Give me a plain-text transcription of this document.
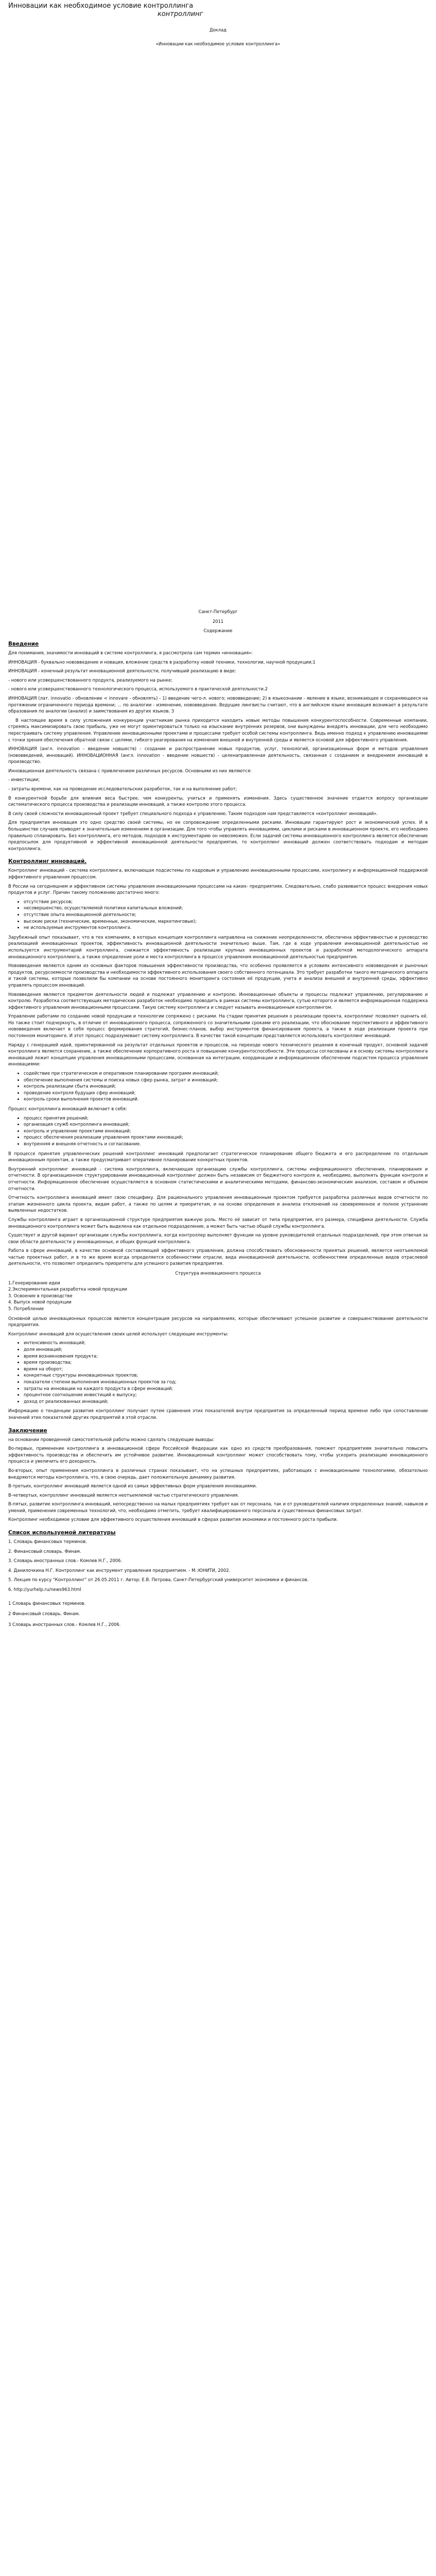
Инновации как необходимое условие контроллинга
контроллинг
Доклад
«Инновации как необходимое условие контроллинга»
Санкт-Петербург
2011
Содержание
Введение

Для понимания, значимости инноваций в системе контроллинга, я рассмотрела сам термин «инновация»:

ИННОВАЦИЯ - буквально нововведение и новация, вложение средств в разработку новой техники, технологии, научной продукции;1

ИННОВАЦИЯ - конечный результат инновационной деятельности, получивший реализацию в виде:

- нового или усовершенствованного продукта, реализуемого на рынке;

- нового или усовершенствованного технологического процесса, используемого в практической деятельности.2

ИННОВАЦИЯ (лат. innovatio - обновление < innovare - обновлять) - 1) введение чего-л. нового; нововведение; 2) в языкознании - явление в языке, возникающее и сохраняющееся на протяжении ограниченного периода времени; ... по аналогии - изменение, нововведение. Ведущие лингвисты считают, что в английском языке инновация возникает в результате образования по аналогии (анализ) и заимствования из других языков. 3

В настоящее время в силу усложнения конкуренции участникам рынка приходится находить новые методы повышения конкурентоспособности. Современные компании, стремясь максимизировать свою прибыль, уже не могут ориентироваться только на изыскание внутренних резервов, они вынуждены внедрять инновации, для чего необходимо перестраивать систему управления. Управление инновационными проектами и процессами требует особой системы контроллинга. Ведь именно подход к управлению инновациями с точки зрения обеспечения обратной связи с целями, гибкого реагирования на изменения внешней и внутренней среды и является основой для эффективного управления.

ИННОВАЦИЯ (англ. innovation - введение новшеств) - создание и распространение новых продуктов, услуг, технологий, организационных форм и методов управления (нововведений, инноваций). ИННОВАЦИОННАЯ (англ. innovation - введение новшеств) - целенаправленная деятельность, связанная с созданием и внедрением инноваций в производство.

Инновационная деятельность связана с привлечением различных ресурсов. Основными из них являются:

- инвестиции;

- затраты времени, как на проведение исследовательских разработок, так и на выполнение работ;

В конкурентной борьбе для влияния веса быстрее, чем конкуренты, учиться и применять изменения. Здесь существенное значение отдается вопросу организации систематического процесса производства и реализации инноваций, а также контролю этого процесса.

В силу своей сложности инновационный проект требует специального подхода к управлению. Таким подходом нам представляется «контроллинг инноваций».

Для предприятия инновация это одно средство своей системы, но ее сопровождение определенными рисками. Инновации гарантируют рост и экономический успех. И в большинстве случаев приводят к значительным изменениям в организации. Для того чтобы управлять инновациями, циклами и рисками в инновационном проекте, его необходимо правильно спланировать. Без контроллинга, его методов, подходов к инструментарию он невозможен. Если задачей системы инновационного контроллинга является обеспечение предпосылок для продуктивной и эффективной инновационной деятельности предприятия, то контроллинг инноваций должен соответствовать подходам и методам контроллинга.

Контроллинг инноваций.

Контроллинг инноваций - система контроллинга, включающая подсистемы по кадровым и управлению инновационными процессами, контролингу и информационной поддержкой эффективного управления процессом.

В России на сегодняшнем и эффективном системы управления инновационными процессами на каких- предприятиях. Следовательно, слабо развивается процесс внедрения новых продуктов и услуг. Причин такому положению достаточно много:

• отсутствие ресурсов;
• несовершенство, осуществляемой политики капитальных вложений;
• отсутствие опыта инновационной деятельности;
• высокие риски (технические, временные, экономические, маркетинговые);
• не используемые инструментов контроллинга.

Зарубежный опыт показывает, что в тех компаниях, в которых концепция контроллинга направлена на снижение неопределенности, обеспечена эффективностью и руководство реализацией инновационных проектов, эффективность инновационной деятельности значительно выше. Там, где в ходе управления инновационной деятельностью не используется инструментарий контроллинга, снижается эффективность реализации крупных инновационных проектов и разработкой методологического аппарата инновационного контроллинга, а также определение роли и места контроллинга в процессе управления инновационной деятельностью предприятия.

Нововведения являются одним из основных факторов повышения эффективности производства, что особенно проявляется в условиях интенсивного нововведения и рыночных продуктов, ресурсоемкости производства и необходимости эффективного использования своего собственного потенциала. Это требует разработки такого методического аппарата и такой системы, которые позволили бы компании на основе постоянного мониторинга состояния её продукции, учета и анализа внешней и внутренней среды, эффективно управлять процессом инноваций.

Нововведения являются предметом деятельности людей и подлежат управлению и контролю. Инновационные объекты и процессы подлежат управлению, регулированию и контролю. Разработка соответствующих методических разработок необходимо проводить в рамках системы контроллинга, сутью которого и является информационная поддержка эффективного управления инновационными процессами. Такую систему контроллинга и следует называть инновационным контроллингом.

Управление работами по созданию новой продукции и технологии сопряжено с рисками. На стадии принятия решения о реализации проекта, контроллинг позволяет оценить её. Но также стоит подчеркнуть, в отличие от инновационного процесса, сопряженного со значительными сроками его реализации, что обоснование перспективного и эффективного нововведения включает в себя процесс формирования стратегий, бизнес-планов, выбор инструментов финансирования проекта, а также в ходе реализации проекта при постоянном мониторинге. И этот процесс подразумевает систему контроллинга. В качестве такой концепции представляется использовать контроллинг инноваций.

Наряду с генерацией идей, ориентированной на результат отдельных проектов и процессов, на переходе нового технического решения в конечный продукт, основной задачей контроллинга является сохранение, а также обеспечение корпоративного роста и повышение конкурентоспособности. Эти процессы согласованы и в основу системы контроллинга инноваций лежит концепции управления инновационными процессами, основанная на интеграции, координации и информационном обеспечении подсистем процесса управления инновациями:

• содействие при стратегическом и оперативном планировании программ инноваций;
• обеспечение выполнения системы и поиска новых сфер рынка, затрат и инноваций;
• контроль реализации сбыта инноваций;
• проведение контроля будущих сфер инноваций;
• контроль сроки выполнения проектов инноваций.

Процесс контроллинга инноваций включает в себя:

• процесс принятия решений;
• организация служб контроллинга инноваций;
• контроль и управление проектами инноваций;
• процесс обеспечения реализации управления проектами инноваций;
• внутренняя и внешняя отчетность и согласование.

В процессе принятия управленческих решений контроллинг инноваций предполагает стратегическое планирование общего бюджета и его распределение по отдельным инновационным проектам, а также предусматривает оперативное планирование конкретных проектов.

Внутренний контроллинг инноваций - система контроллинга, включающая организацию службы контроллинга, системы информационного обеспечения, планирования и отчетности. В организационном структурировании инновационный контроллинг должен быть независим от бюджетного контроля и, необходимо, выполнять функции контроля и отчетности. Информационное обеспечение осуществляется в основном статистическими и аналитическими методами, финансово-экономическим анализом, составом и объемом отчетности.

Отчетность контроллинга инноваций имеет свою специфику. Для рационального управления инновационным проектом требуется разработка различных видов отчетности по этапам жизненного цикла проекта, видам работ, а также по целям и приоритетам, и на основе определения и анализа отклонений на своевременное и полное устранение выявленных недостатков.

Службы контроллинга играет в организационной структуре предприятия важную роль. Место её зависит от типа предприятия, его размера, специфики деятельности. Служба инновационного контроллинга может быть выделена как отдельное подразделение, а может быть частью общей службы контроллинга.

Существует и другой вариант организации службы контроллинга, когда контроллер выполняет функции на уровне руководителей отдельных подразделений, при этом отвечая за свои области деятельности у инновационных, и общих функций контроллинга.

Работа в сфере инноваций, в качестве основной составляющей эффективного управления, должна способствовать обоснованности принятых решений, является неотъемлемой частью проектных работ, и в то же время всегда определяется особенностями отрасли, вида инновационной деятельности, особенностями определенных видов отраслевой деятельности, что позволяет определить приоритеты для успешного развития предприятия.

Структура инновационного процесса
1.Генерирование идеи
2.Экспериментальная разработка новой продукции
3. Освоение в производстве
4. Выпуск новой продукции
5. Потребление

Основной целью инновационных процессов является концентрация ресурсов на направлениях, которые обеспечивают успешное развитие и совершенствование деятельности предприятия.

Контроллинг инноваций для осуществления своих целей использует следующие инструменты:

• интенсивность инноваций;
• доля инноваций;
• время возникновения продукта;
• время производства;
• время на оборот;
• конкретные структуры инновационных проектов;
• показатели степени выполнения инновационных проектов за год;
• затраты на инновации на каждого продукта в сфере инноваций;
• процентное соотношение инвестиций к выпуску;
• доход от реализованных инноваций;

Информацию о тенденции развития контроллинг получает путем сравнения этих показателей внутри предприятия за определенный период времени либо при сопоставлении значений этих показателей других предприятий в этой отрасли.

Заключение

на основании проведенной самостоятельной работы можно сделать следующие выводы:

Во-первых, применение контроллинга в инновационной сфере Российской Федерации как одно из средств преобразования, поможет предприятиям значительно повысить эффективность производства и обеспечить им устойчивое развитие. Инновационный контроллинг может способствовать тому, чтобы ускорить реализацию инновационного процесса и увеличить его доходность.

Во-вторых, опыт применения контроллинга в различных странах показывает, что на успешных предприятиях, работающих с инновационными технологиями, обязательно внедряются методы контроллинга, что, в свою очередь, дает положительную динамику развития.

В-третьих, контроллинг инноваций является одной из самых эффективных форм управления инновациями.

В-четвертых, контроллинг инноваций является неотъемлемой частью стратегического управления.

В-пятых, развитие контроллинга инноваций, непосредственно на малых предприятиях требует как от персонала, так и от руководителей наличия определенных знаний, навыков и умений, применения современных технологий, что, необходимо отметить, требует квалифицированного персонала и существенных финансовых затрат.

Контроллинг необходимое условие для эффективного осуществления инноваций в сферах развития экономики и постоянного роста прибыли.

Список используемой литературы
1. Словарь финансовых терминов.
2. Финансовый словарь. Финам.
3. Словарь иностранных слов.- Комлев Н.Г., 2006.
4. Данилочкина Н.Г. Контроллинг как инструмент управления предприятием. - М.:ЮНИТИ, 2002.
5. Лекция по курсу "Контроллинг" от 26.05.2011 г. Автор: Е.В. Петрова, Санкт-Петербургский университет экономики и финансов.
6. http://yurhelp.ru/news963.html

1 Словарь финансовых терминов.

2 Финансовый словарь. Финам.

3 Словарь иностранных слов.- Комлев Н.Г., 2006.
